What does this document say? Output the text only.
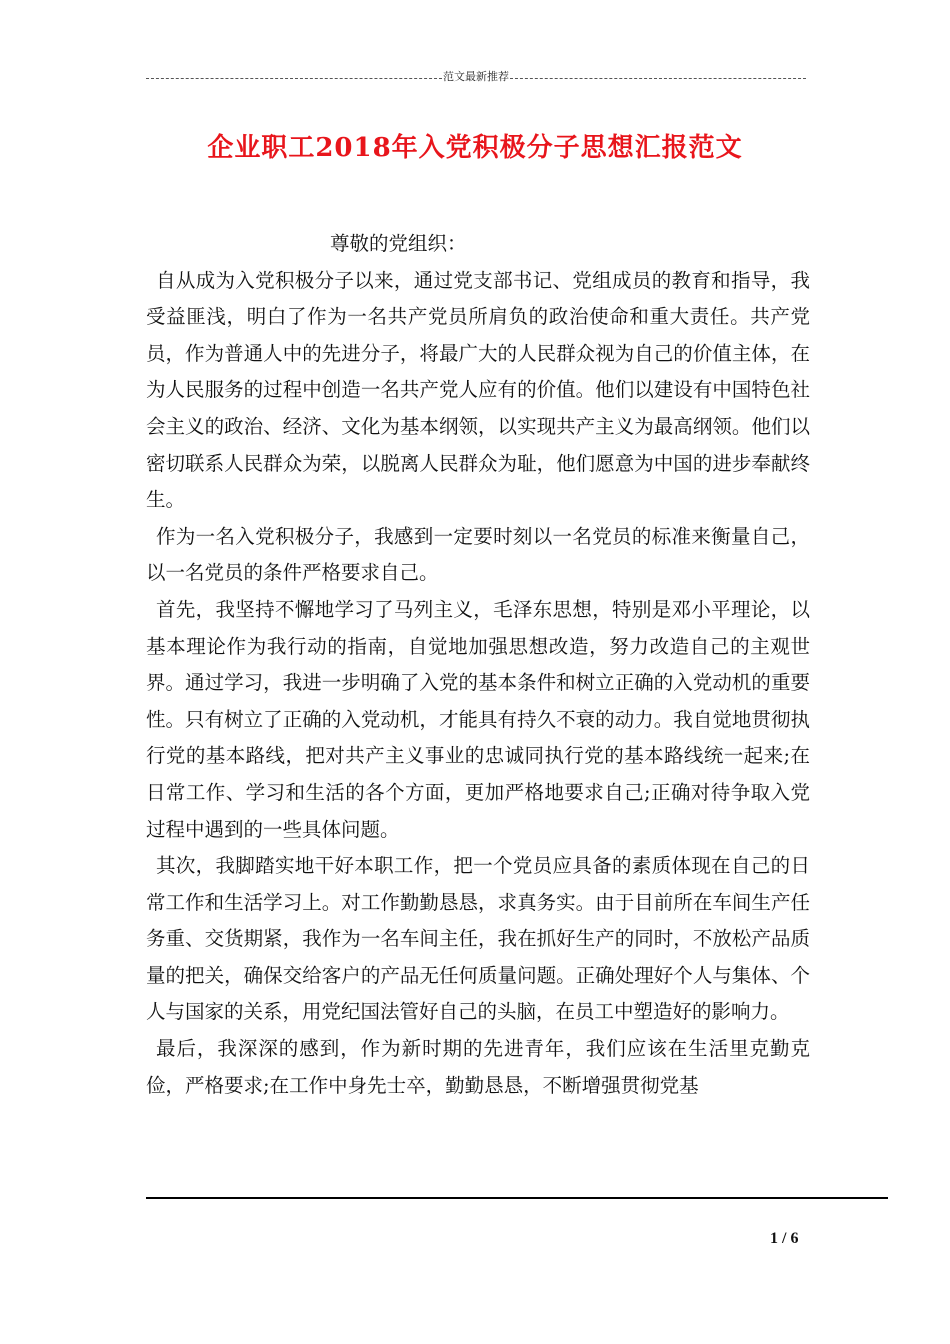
范文最新推荐
企业职工2018年入党积极分子思想汇报范文

尊敬的党组织：

自从成为入党积极分子以来，通过党支部书记、党组成员的教育和指导，我受益匪浅，明白了作为一名共产党员所肩负的政治使命和重大责任。共产党员，作为普通人中的先进分子，将最广大的人民群众视为自己的价值主体，在为人民服务的过程中创造一名共产党人应有的价值。他们以建设有中国特色社会主义的政治、经济、文化为基本纲领，以实现共产主义为最高纲领。他们以密切联系人民群众为荣，以脱离人民群众为耻，他们愿意为中国的进步奉献终生。

作为一名入党积极分子，我感到一定要时刻以一名党员的标准来衡量自己，以一名党员的条件严格要求自己。

首先，我坚持不懈地学习了马列主义，毛泽东思想，特别是邓小平理论，以基本理论作为我行动的指南，自觉地加强思想改造，努力改造自己的主观世界。通过学习，我进一步明确了入党的基本条件和树立正确的入党动机的重要性。只有树立了正确的入党动机，才能具有持久不衰的动力。我自觉地贯彻执行党的基本路线，把对共产主义事业的忠诚同执行党的基本路线统一起来;在日常工作、学习和生活的各个方面，更加严格地要求自己;正确对待争取入党过程中遇到的一些具体问题。

其次，我脚踏实地干好本职工作，把一个党员应具备的素质体现在自己的日常工作和生活学习上。对工作勤勤恳恳，求真务实。由于目前所在车间生产任务重、交货期紧，我作为一名车间主任，我在抓好生产的同时，不放松产品质量的把关，确保交给客户的产品无任何质量问题。正确处理好个人与集体、个人与国家的关系，用党纪国法管好自己的头脑，在员工中塑造好的影响力。

最后，我深深的感到，作为新时期的先进青年，我们应该在生活里克勤克俭，严格要求;在工作中身先士卒，勤勤恳恳，不断增强贯彻党基

1 / 6
